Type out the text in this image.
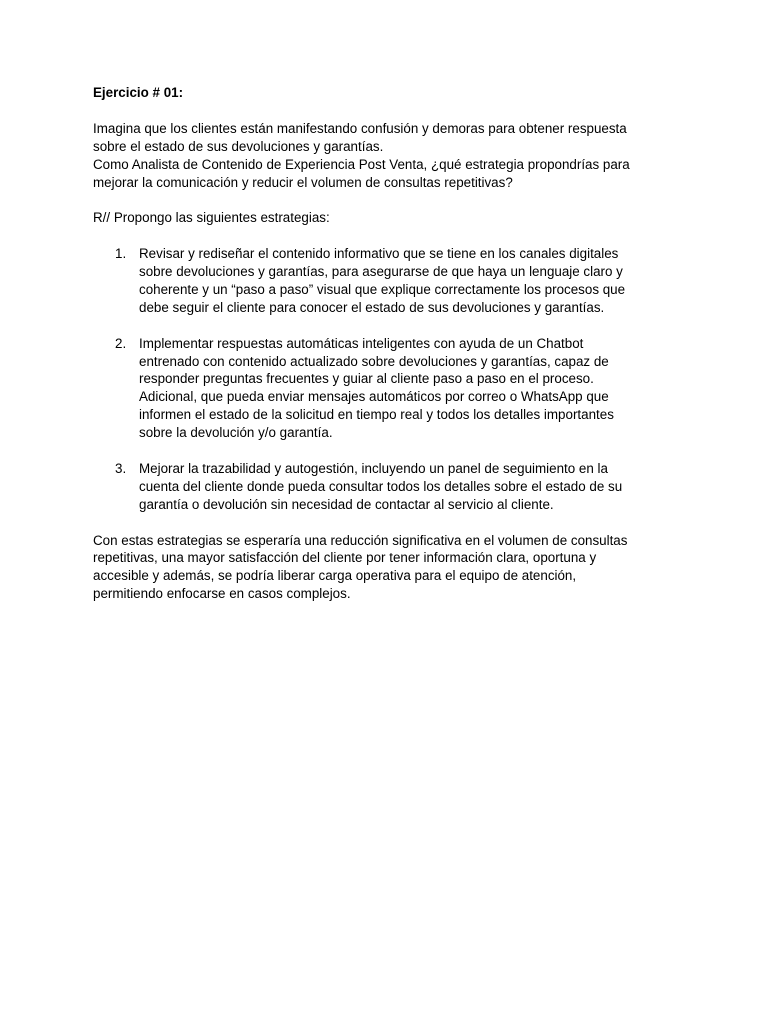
Ejercicio # 01:

Imagina que los clientes están manifestando confusión y demoras para obtener respuesta
sobre el estado de sus devoluciones y garantías.
Como Analista de Contenido de Experiencia Post Venta, ¿qué estrategia propondrías para
mejorar la comunicación y reducir el volumen de consultas repetitivas?
R// Propongo las siguientes estrategias:
1. Revisar y rediseñar el contenido informativo que se tiene en los canales digitales
sobre devoluciones y garantías, para asegurarse de que haya un lenguaje claro y
coherente y un “paso a paso” visual que explique correctamente los procesos que
debe seguir el cliente para conocer el estado de sus devoluciones y garantías.
2. Implementar respuestas automáticas inteligentes con ayuda de un Chatbot
entrenado con contenido actualizado sobre devoluciones y garantías, capaz de
responder preguntas frecuentes y guiar al cliente paso a paso en el proceso.
Adicional, que pueda enviar mensajes automáticos por correo o WhatsApp que
informen el estado de la solicitud en tiempo real y todos los detalles importantes
sobre la devolución y/o garantía.
3. Mejorar la trazabilidad y autogestión, incluyendo un panel de seguimiento en la
cuenta del cliente donde pueda consultar todos los detalles sobre el estado de su
garantía o devolución sin necesidad de contactar al servicio al cliente.
Con estas estrategias se esperaría una reducción significativa en el volumen de consultas
repetitivas, una mayor satisfacción del cliente por tener información clara, oportuna y
accesible y además, se podría liberar carga operativa para el equipo de atención,
permitiendo enfocarse en casos complejos.
